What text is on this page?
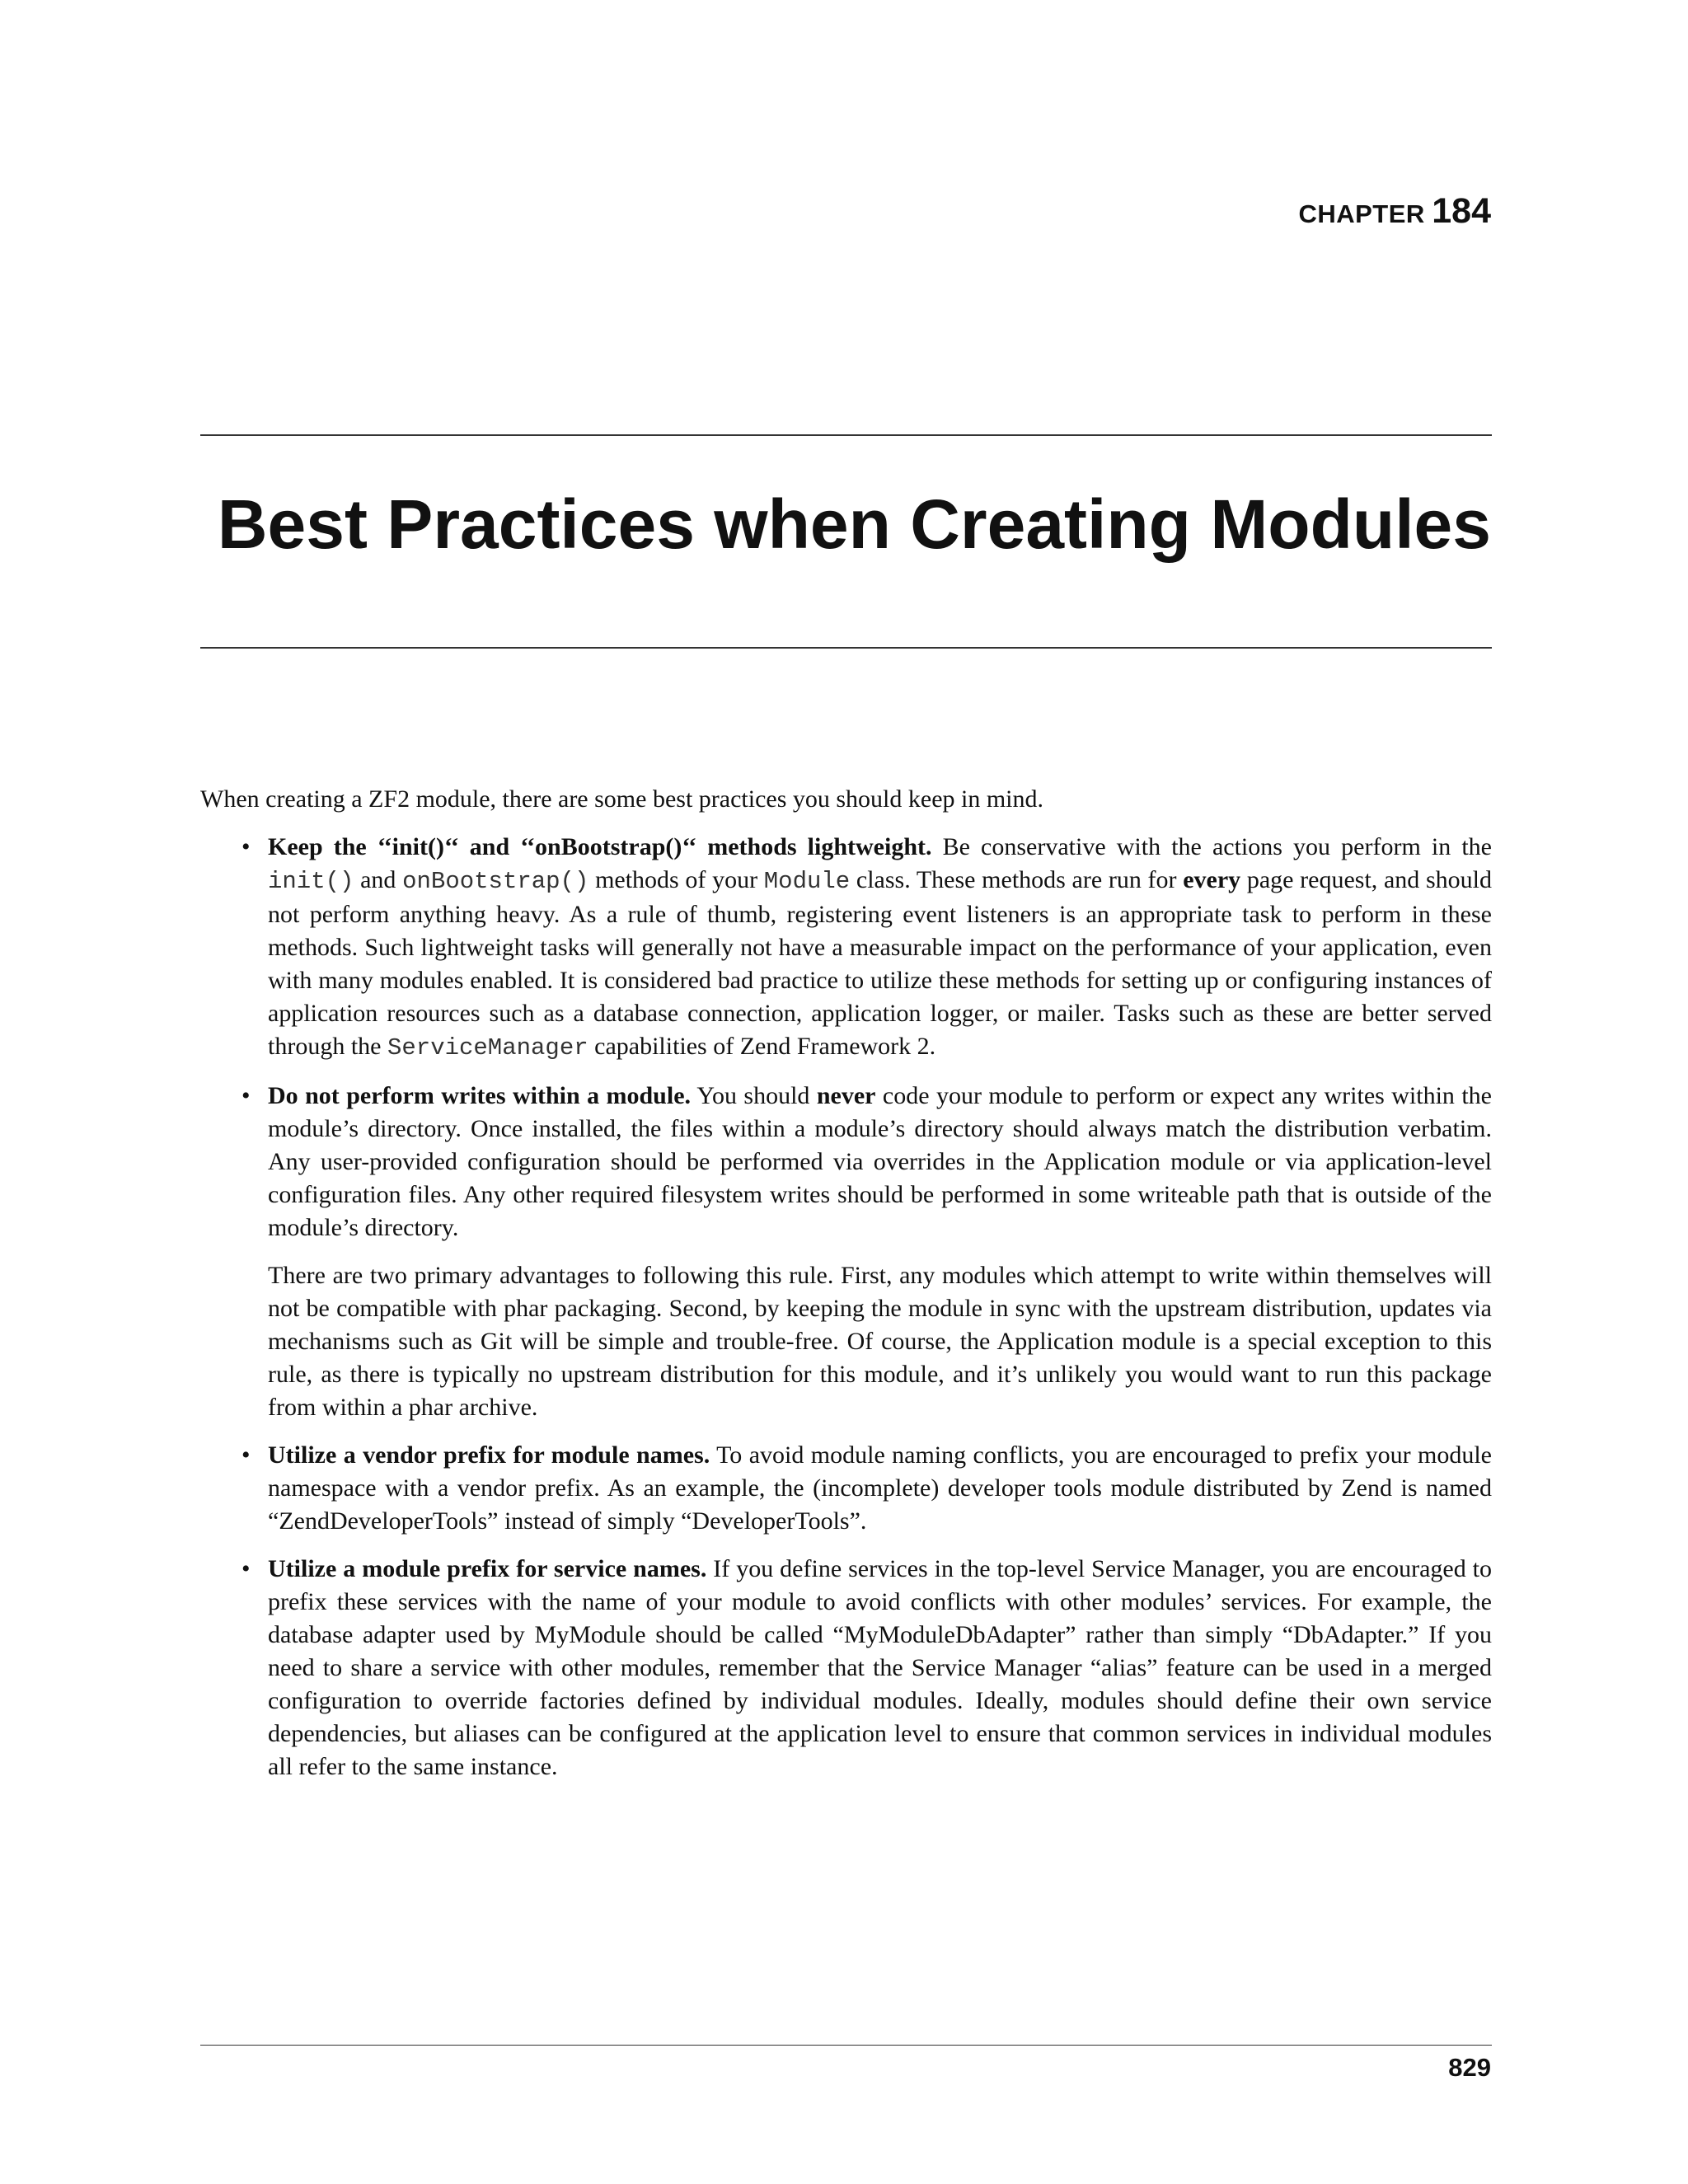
CHAPTER 184
Best Practices when Creating Modules

When creating a ZF2 module, there are some best practices you should keep in mind.

• Keep the ‘‘init()‘‘ and ‘‘onBootstrap()‘‘ methods lightweight. Be conservative with the actions you perform in the init() and onBootstrap() methods of your Module class. These methods are run for every page request, and should not perform anything heavy. As a rule of thumb, registering event listeners is an appropriate task to perform in these methods. Such lightweight tasks will generally not have a measurable impact on the performance of your application, even with many modules enabled. It is considered bad practice to utilize these methods for setting up or configuring instances of application resources such as a database connection, application logger, or mailer. Tasks such as these are better served through the ServiceManager capabilities of Zend Framework 2.

• Do not perform writes within a module. You should never code your module to perform or expect any writes within the module’s directory. Once installed, the files within a module’s directory should always match the distribution verbatim. Any user-provided configuration should be performed via overrides in the Application module or via application-level configuration files. Any other required filesystem writes should be performed in some writeable path that is outside of the module’s directory.

There are two primary advantages to following this rule. First, any modules which attempt to write within themselves will not be compatible with phar packaging. Second, by keeping the module in sync with the upstream distribution, updates via mechanisms such as Git will be simple and trouble-free. Of course, the Application module is a special exception to this rule, as there is typically no upstream distribution for this module, and it’s unlikely you would want to run this package from within a phar archive.

• Utilize a vendor prefix for module names. To avoid module naming conflicts, you are encouraged to prefix your module namespace with a vendor prefix. As an example, the (incomplete) developer tools module distributed by Zend is named “ZendDeveloperTools” instead of simply “DeveloperTools”.

• Utilize a module prefix for service names. If you define services in the top-level Service Manager, you are encouraged to prefix these services with the name of your module to avoid conflicts with other modules’ services. For example, the database adapter used by MyModule should be called “MyModuleDbAdapter” rather than simply “DbAdapter.” If you need to share a service with other modules, remember that the Service Manager “alias” feature can be used in a merged configuration to override factories defined by individual modules. Ideally, modules should define their own service dependencies, but aliases can be configured at the application level to ensure that common services in individual modules all refer to the same instance.

829
